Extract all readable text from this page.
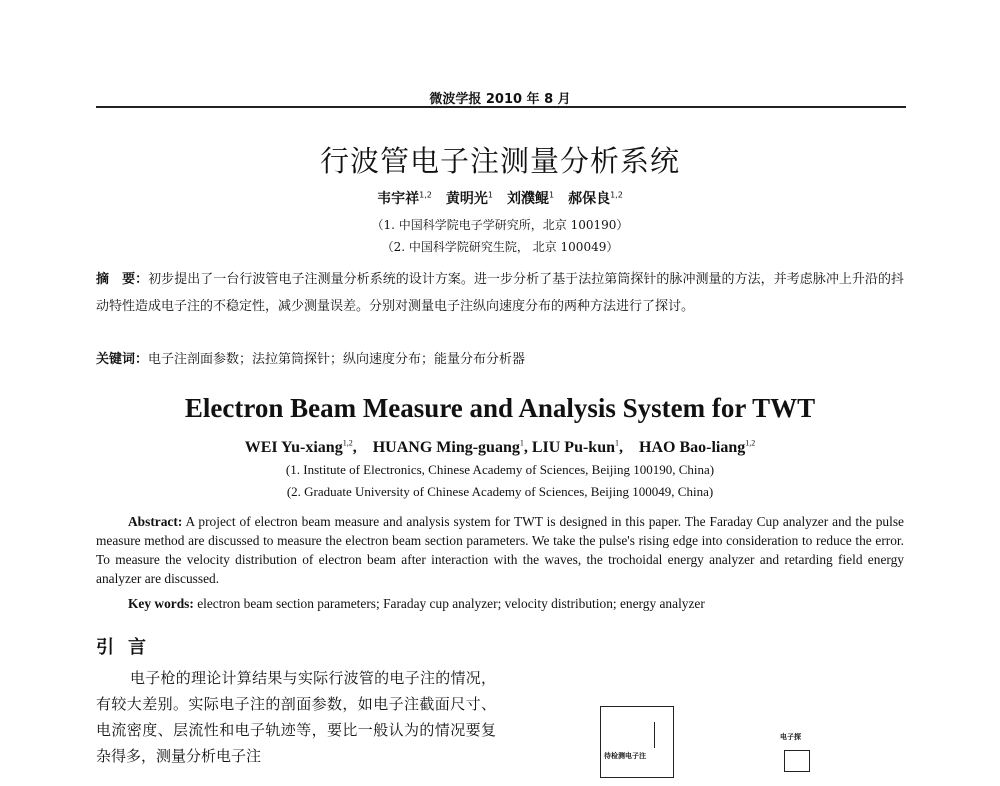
微波学报 2010 年 8 月
行波管电子注测量分析系统
韦宇祥$^{1,2}$　 黄明光$^1$　 刘濮鲲$^1$　 郝保良$^{1,2}$
（1. 中国科学院电子学研究所，北京 100190）
（2. 中国科学院研究生院， 北京 100049）
摘　要：初步提出了一台行波管电子注测量分析系统的设计方案。进一步分析了基于法拉第筒探针的脉冲测量的方法，并考虑脉冲上升沿的抖动特性造成电子注的不稳定性，减少测量误差。分别对测量电子注纵向速度分布的两种方法进行了探讨。
关键词：电子注剖面参数；法拉第筒探针；纵向速度分布；能量分布分析器
Electron Beam Measure and Analysis System for TWT
WEI Yu-xiang$^{1,2}$,　HUANG Ming-guang$^1$, LIU Pu-kun$^1$,　HAO Bao-liang$^{1,2}$
(1. Institute of Electronics, Chinese Academy of Sciences, Beijing 100190, China)
(2. Graduate University of Chinese Academy of Sciences, Beijing 100049, China)
Abstract: A project of electron beam measure and analysis system for TWT is designed in this paper. The Faraday Cup analyzer and the pulse measure method are discussed to measure the electron beam section parameters. We take the pulse's rising edge into consideration to reduce the error. To measure the velocity distribution of electron beam after interaction with the waves, the trochoidal energy analyzer and retarding field energy analyzer are discussed.
Key words: electron beam section parameters; Faraday cup analyzer; velocity distribution; energy analyzer
引言

电子枪的理论计算结果与实际行波管的电子注的情况，有较大差别。实际电子注的剖面参数，如电子注截面尺寸、电流密度、层流性和电子轨迹等，要比一般认为的情况要复杂得多，测量分析电子注	待检测电子注
电子探
